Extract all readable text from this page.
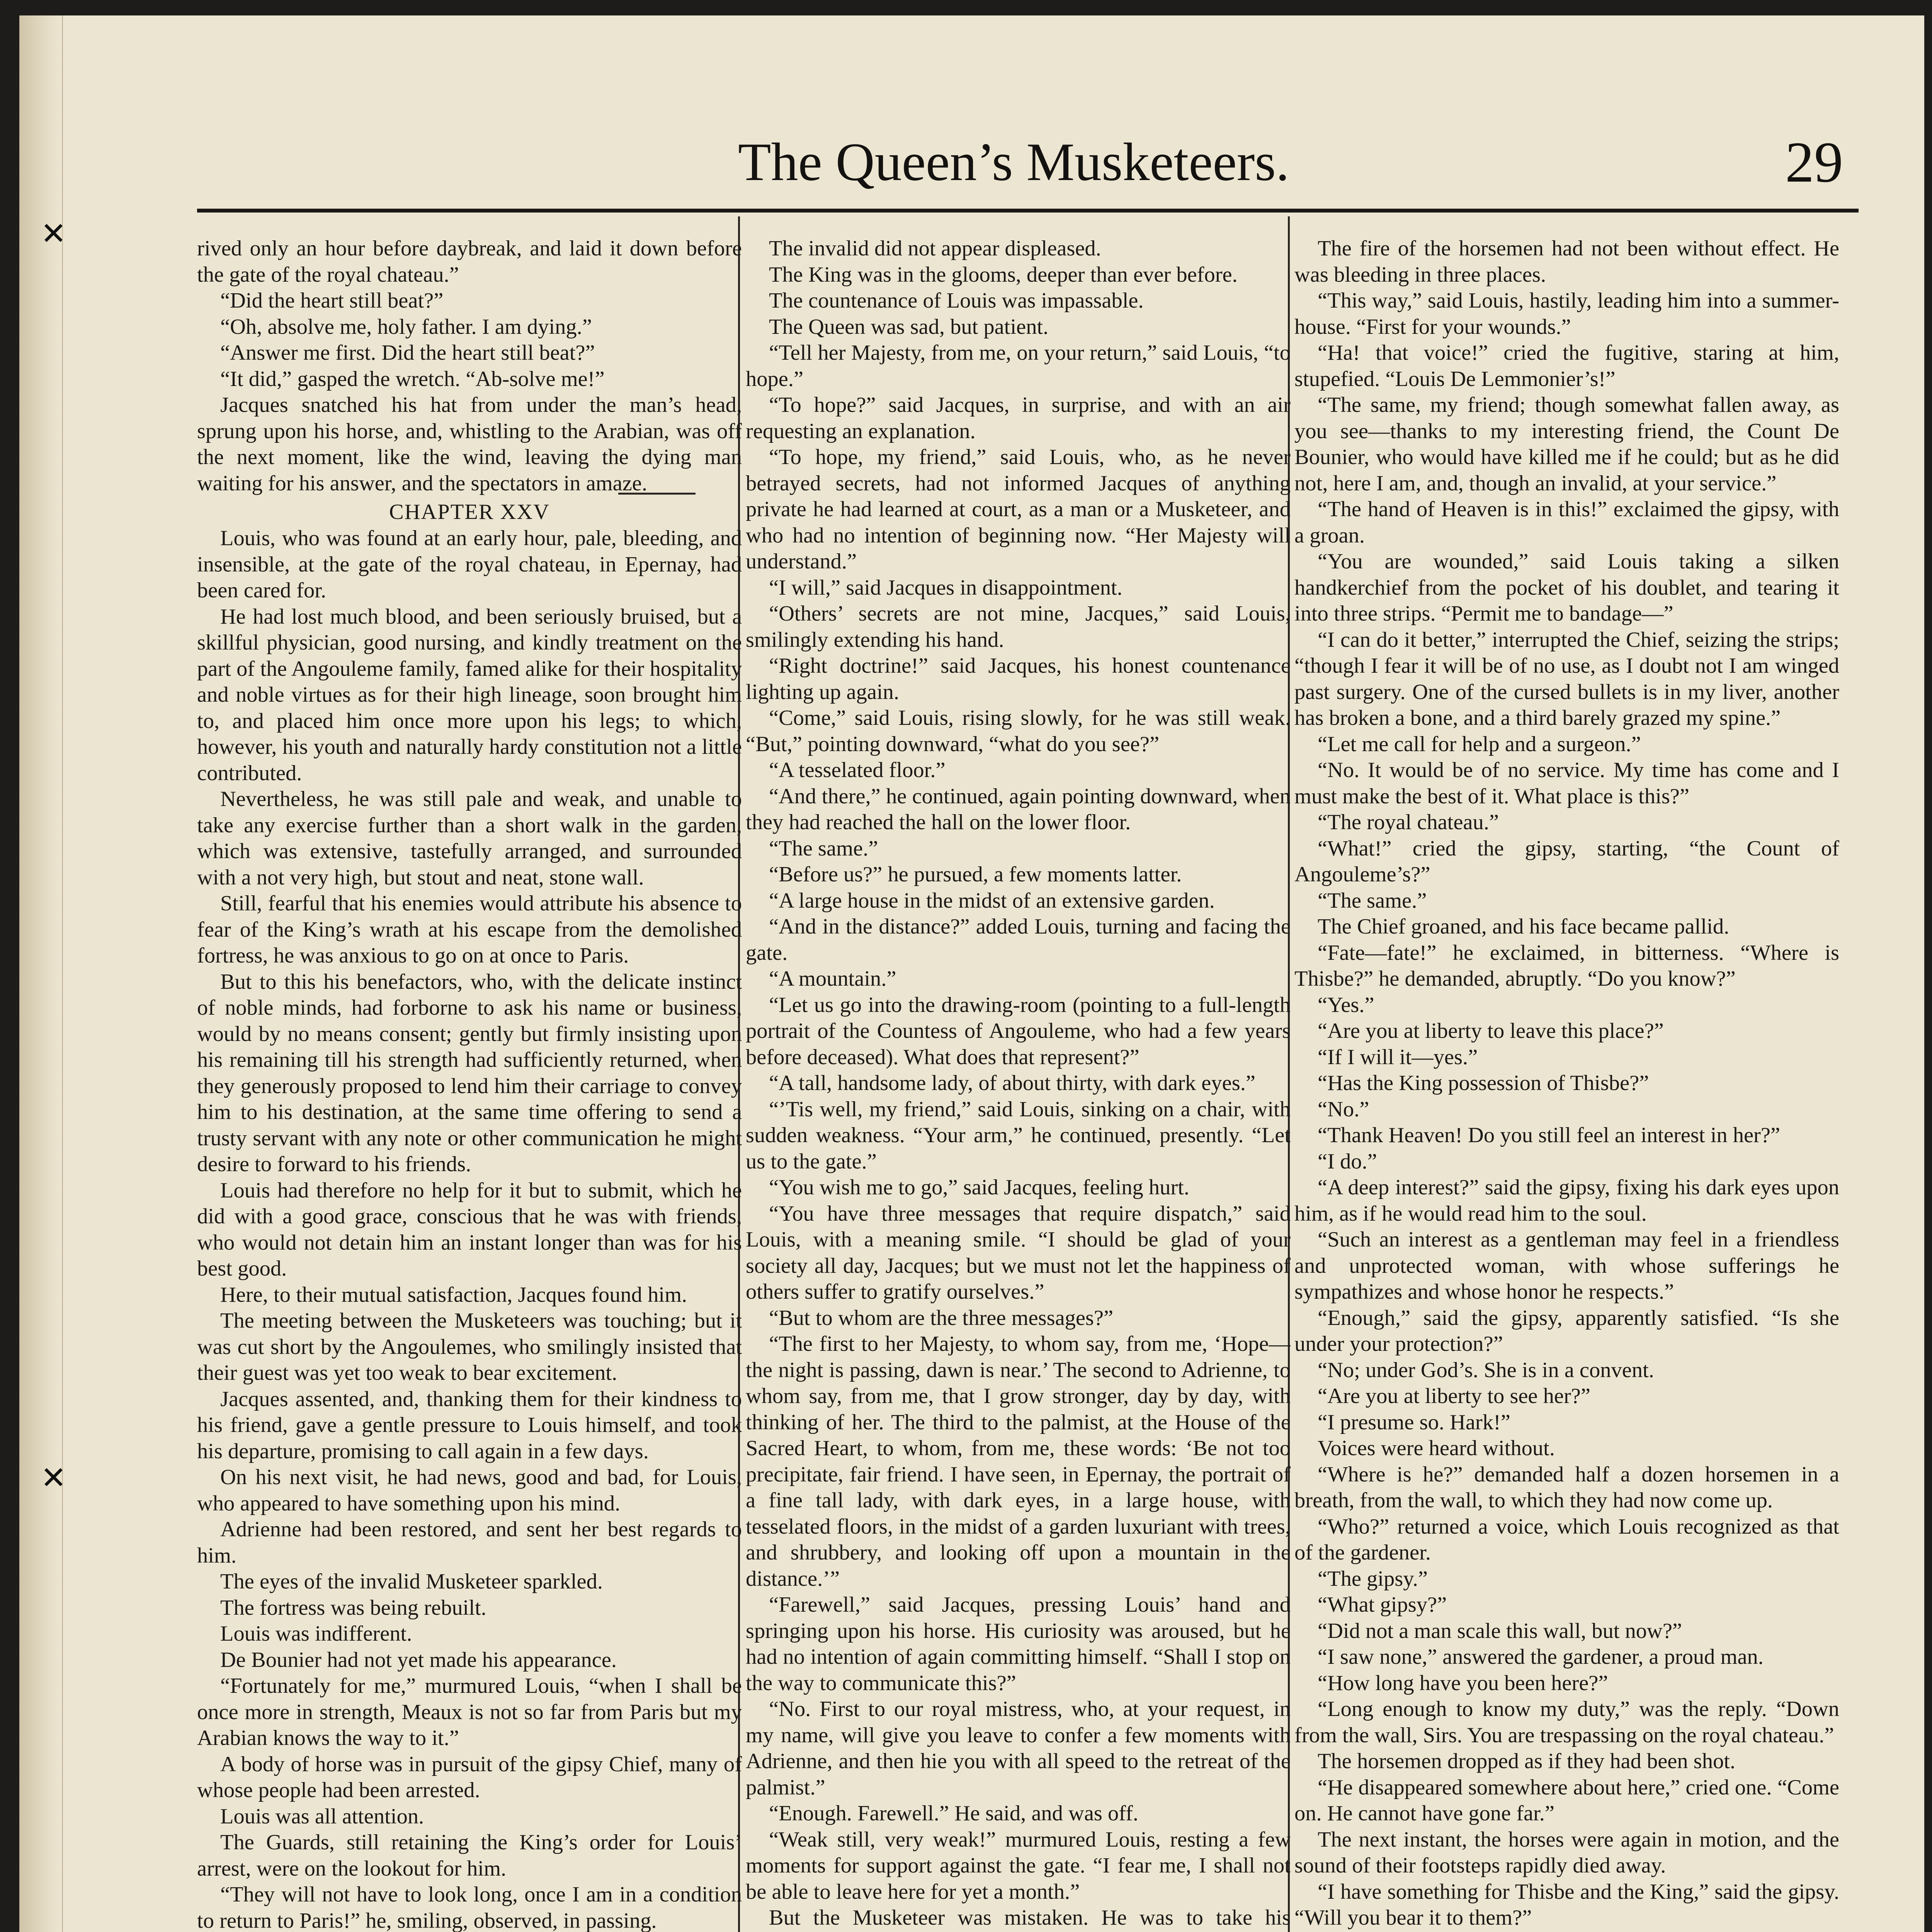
✕
✕
The Queen’s Musketeers.	29

rived only an hour before daybreak, and laid it down before the gate of the royal chateau.”

“Did the heart still beat?”

“Oh, absolve me, holy father. I am dying.”

“Answer me first. Did the heart still beat?”

“It did,” gasped the wretch. “Ab-solve me!”

Jacques snatched his hat from under the man’s head, sprung upon his horse, and, whistling to the Arabian, was off the next moment, like the wind, leaving the dying man waiting for his answer, and the spectators in amaze.

CHAPTER XXV

Louis, who was found at an early hour, pale, bleeding, and insensible, at the gate of the royal chateau, in Epernay, had been cared for.

He had lost much blood, and been seriously bruised, but a skillful physician, good nursing, and kindly treatment on the part of the Angouleme family, famed alike for their hospitality and noble virtues as for their high lineage, soon brought him to, and placed him once more upon his legs; to which, however, his youth and naturally hardy constitution not a little contributed.

Nevertheless, he was still pale and weak, and unable to take any exercise further than a short walk in the garden, which was extensive, tastefully arranged, and surrounded with a not very high, but stout and neat, stone wall.

Still, fearful that his enemies would attribute his absence to fear of the King’s wrath at his escape from the demolished fortress, he was anxious to go on at once to Paris.

But to this his benefactors, who, with the delicate instinct of noble minds, had forborne to ask his name or business, would by no means consent; gently but firmly insisting upon his remaining till his strength had sufficiently returned, when they generously proposed to lend him their carriage to convey him to his destination, at the same time offering to send a trusty servant with any note or other communication he might desire to forward to his friends.

Louis had therefore no help for it but to submit, which he did with a good grace, conscious that he was with friends, who would not detain him an instant longer than was for his best good.

Here, to their mutual satisfaction, Jacques found him.

The meeting between the Musketeers was touching; but it was cut short by the Angoulemes, who smilingly insisted that their guest was yet too weak to bear excitement.

Jacques assented, and, thanking them for their kindness to his friend, gave a gentle pressure to Louis himself, and took his departure, promising to call again in a few days.

On his next visit, he had news, good and bad, for Louis, who appeared to have something upon his mind.

Adrienne had been restored, and sent her best regards to him.

The eyes of the invalid Musketeer sparkled.

The fortress was being rebuilt.

Louis was indifferent.

De Bounier had not yet made his appearance.

“Fortunately for me,” murmured Louis, “when I shall be once more in strength, Meaux is not so far from Paris but my Arabian knows the way to it.”

A body of horse was in pursuit of the gipsy Chief, many of whose people had been arrested.

Louis was all attention.

The Guards, still retaining the King’s order for Louis’ arrest, were on the lookout for him.

“They will not have to look long, once I am in a condition to return to Paris!” he, smiling, observed, in passing.

The invalid did not appear displeased.

The King was in the glooms, deeper than ever before.

The countenance of Louis was impassable.

The Queen was sad, but patient.

“Tell her Majesty, from me, on your return,” said Louis, “to hope.”

“To hope?” said Jacques, in surprise, and with an air requesting an explanation.

“To hope, my friend,” said Louis, who, as he never betrayed secrets, had not informed Jacques of anything private he had learned at court, as a man or a Musketeer, and who had no intention of beginning now. “Her Majesty will understand.”

“I will,” said Jacques in disappointment.

“Others’ secrets are not mine, Jacques,” said Louis, smilingly extending his hand.

“Right doctrine!” said Jacques, his honest countenance lighting up again.

“Come,” said Louis, rising slowly, for he was still weak. “But,” pointing downward, “what do you see?”

“A tesselated floor.”

“And there,” he continued, again pointing downward, when they had reached the hall on the lower floor.

“The same.”

“Before us?” he pursued, a few moments latter.

“A large house in the midst of an extensive garden.

“And in the distance?” added Louis, turning and facing the gate.

“A mountain.”

“Let us go into the drawing-room (pointing to a full-length portrait of the Countess of Angouleme, who had a few years before deceased). What does that represent?”

“A tall, handsome lady, of about thirty, with dark eyes.”

“’Tis well, my friend,” said Louis, sinking on a chair, with sudden weakness. “Your arm,” he continued, presently. “Let us to the gate.”

“You wish me to go,” said Jacques, feeling hurt.

“You have three messages that require dispatch,” said Louis, with a meaning smile. “I should be glad of your society all day, Jacques; but we must not let the happiness of others suffer to gratify ourselves.”

“But to whom are the three messages?”

“The first to her Majesty, to whom say, from me, ‘Hope—the night is passing, dawn is near.’ The second to Adrienne, to whom say, from me, that I grow stronger, day by day, with thinking of her. The third to the palmist, at the House of the Sacred Heart, to whom, from me, these words: ‘Be not too precipitate, fair friend. I have seen, in Epernay, the portrait of a fine tall lady, with dark eyes, in a large house, with tesselated floors, in the midst of a garden luxuriant with trees, and shrubbery, and looking off upon a mountain in the distance.’”

“Farewell,” said Jacques, pressing Louis’ hand and springing upon his horse. His curiosity was aroused, but he had no intention of again committing himself. “Shall I stop on the way to communicate this?”

“No. First to our royal mistress, who, at your request, in my name, will give you leave to confer a few moments with Adrienne, and then hie you with all speed to the retreat of the palmist.”

“Enough. Farewell.” He said, and was off.

“Weak still, very weak!” murmured Louis, resting a few moments for support against the gate. “I fear me, I shall not be able to leave here for yet a month.”

But the Musketeer was mistaken. He was to take his

The fire of the horsemen had not been without effect. He was bleeding in three places.

“This way,” said Louis, hastily, leading him into a summer-house. “First for your wounds.”

“Ha! that voice!” cried the fugitive, staring at him, stupefied. “Louis De Lemmonier’s!”

“The same, my friend; though somewhat fallen away, as you see—thanks to my interesting friend, the Count De Bounier, who would have killed me if he could; but as he did not, here I am, and, though an invalid, at your service.”

“The hand of Heaven is in this!” exclaimed the gipsy, with a groan.

“You are wounded,” said Louis taking a silken handkerchief from the pocket of his doublet, and tearing it into three strips. “Permit me to bandage—”

“I can do it better,” interrupted the Chief, seizing the strips; “though I fear it will be of no use, as I doubt not I am winged past surgery. One of the cursed bullets is in my liver, another has broken a bone, and a third barely grazed my spine.”

“Let me call for help and a surgeon.”

“No. It would be of no service. My time has come and I must make the best of it. What place is this?”

“The royal chateau.”

“What!” cried the gipsy, starting, “the Count of Angouleme’s?”

“The same.”

The Chief groaned, and his face became pallid.

“Fate—fate!” he exclaimed, in bitterness. “Where is Thisbe?” he demanded, abruptly. “Do you know?”

“Yes.”

“Are you at liberty to leave this place?”

“If I will it—yes.”

“Has the King possession of Thisbe?”

“No.”

“Thank Heaven! Do you still feel an interest in her?”

“I do.”

“A deep interest?” said the gipsy, fixing his dark eyes upon him, as if he would read him to the soul.

“Such an interest as a gentleman may feel in a friendless and unprotected woman, with whose sufferings he sympathizes and whose honor he respects.”

“Enough,” said the gipsy, apparently satisfied. “Is she under your protection?”

“No; under God’s. She is in a convent.

“Are you at liberty to see her?”

“I presume so. Hark!”

Voices were heard without.

“Where is he?” demanded half a dozen horsemen in a breath, from the wall, to which they had now come up.

“Who?” returned a voice, which Louis recognized as that of the gardener.

“The gipsy.”

“What gipsy?”

“Did not a man scale this wall, but now?”

“I saw none,” answered the gardener, a proud man.

“How long have you been here?”

“Long enough to know my duty,” was the reply. “Down from the wall, Sirs. You are trespassing on the royal chateau.”

The horsemen dropped as if they had been shot.

“He disappeared somewhere about here,” cried one. “Come on. He cannot have gone far.”

The next instant, the horses were again in motion, and the sound of their footsteps rapidly died away.

“I have something for Thisbe and the King,” said the gipsy. “Will you bear it to them?”
